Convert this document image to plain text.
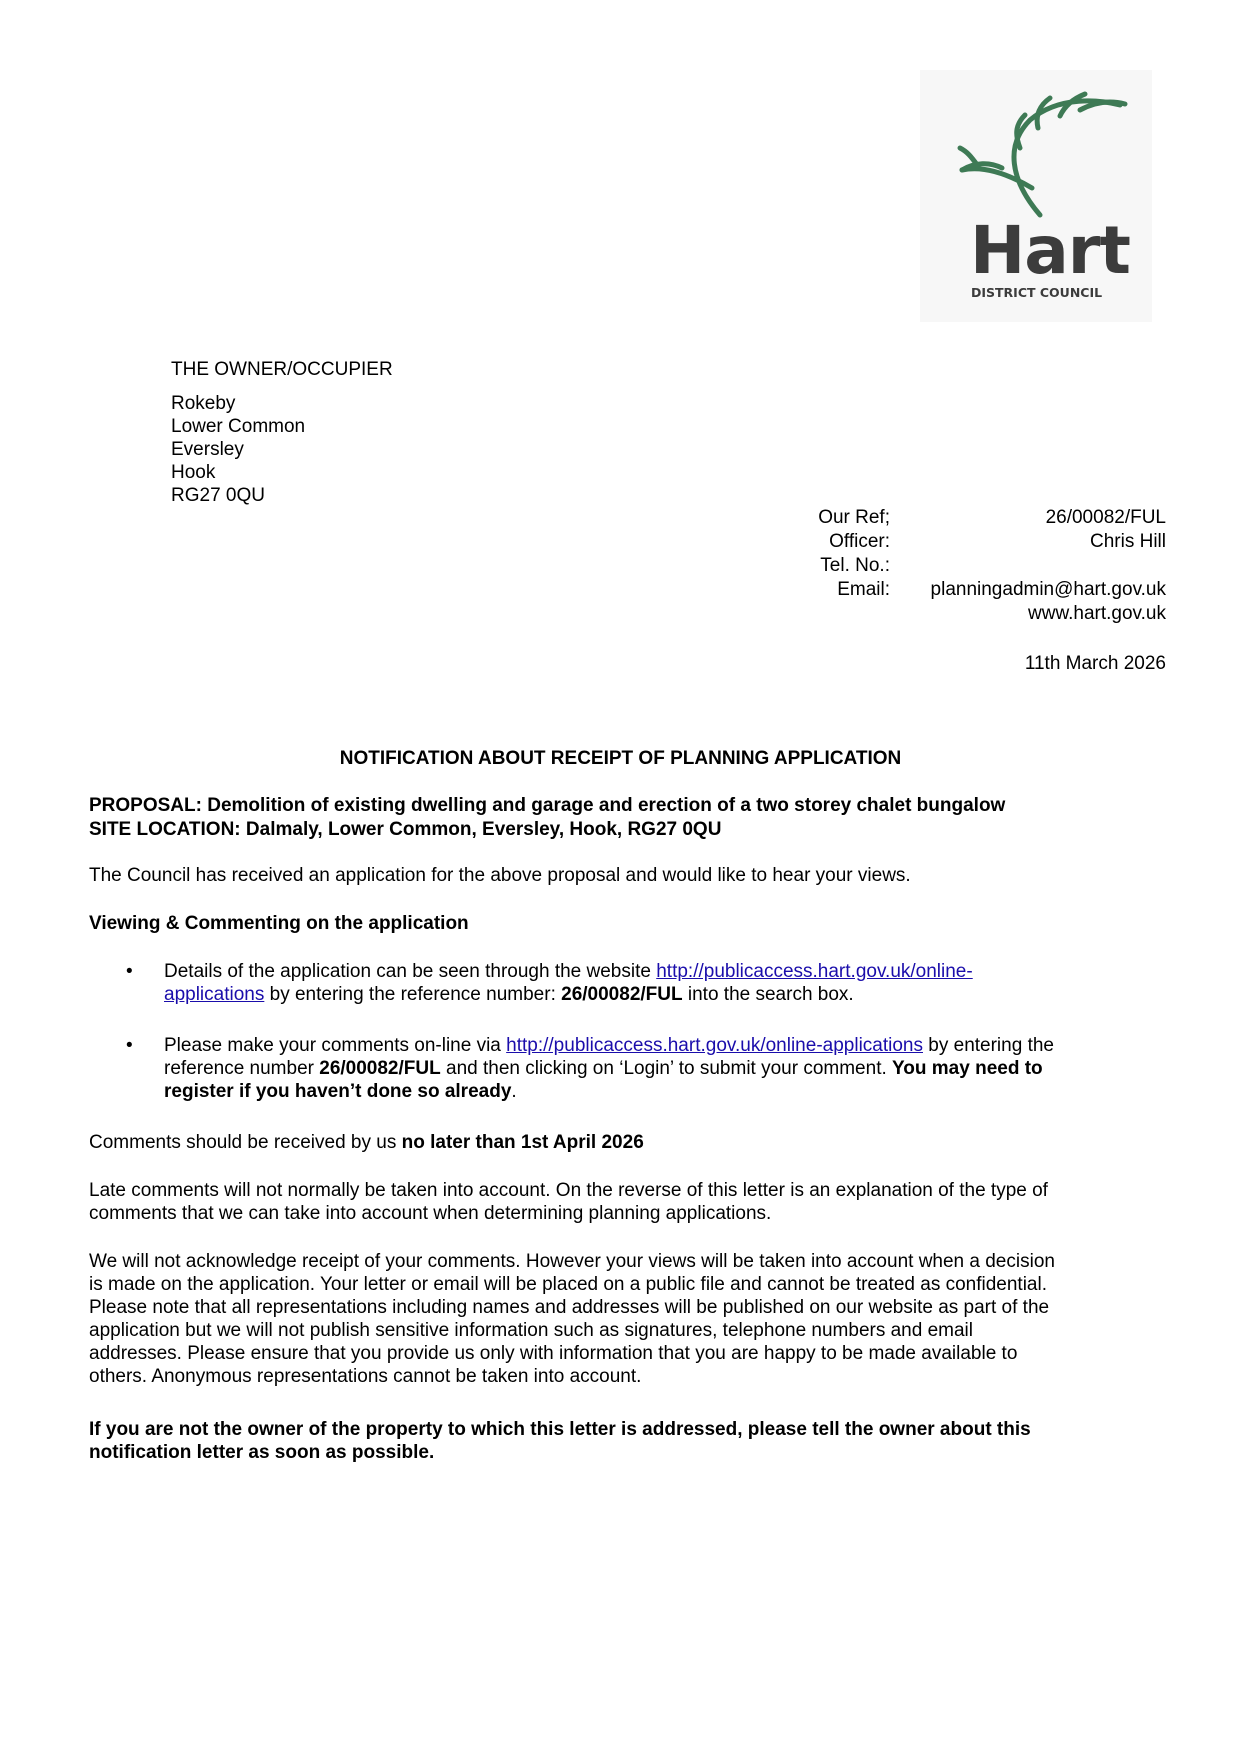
Hart
DISTRICT COUNCIL
THE OWNER/OCCUPIER
Rokeby
Lower Common
Eversley
Hook
RG27 0QU
Our Ref;	26/00082/FUL
Officer:	Chris Hill
Tel. No.:
Email:	planningadmin@hart.gov.uk
www.hart.gov.uk
11th March 2026
NOTIFICATION ABOUT RECEIPT OF PLANNING APPLICATION
PROPOSAL: Demolition of existing dwelling and garage and erection of a two storey chalet bungalow
SITE LOCATION: Dalmaly, Lower Common, Eversley, Hook, RG27 0QU
The Council has received an application for the above proposal and would like to hear your views.
Viewing & Commenting on the application
• Details of the application can be seen through the website http://publicaccess.hart.gov.uk/online-
applications by entering the reference number: 26/00082/FUL into the search box.
• Please make your comments on-line via http://publicaccess.hart.gov.uk/online-applications by entering the
reference number 26/00082/FUL and then clicking on ‘Login’ to submit your comment. You may need to
register if you haven’t done so already.
Comments should be received by us no later than 1st April 2026
Late comments will not normally be taken into account. On the reverse of this letter is an explanation of the type of
comments that we can take into account when determining planning applications.
We will not acknowledge receipt of your comments. However your views will be taken into account when a decision
is made on the application. Your letter or email will be placed on a public file and cannot be treated as confidential.
Please note that all representations including names and addresses will be published on our website as part of the
application but we will not publish sensitive information such as signatures, telephone numbers and email
addresses. Please ensure that you provide us only with information that you are happy to be made available to
others. Anonymous representations cannot be taken into account.
If you are not the owner of the property to which this letter is addressed, please tell the owner about this
notification letter as soon as possible.
